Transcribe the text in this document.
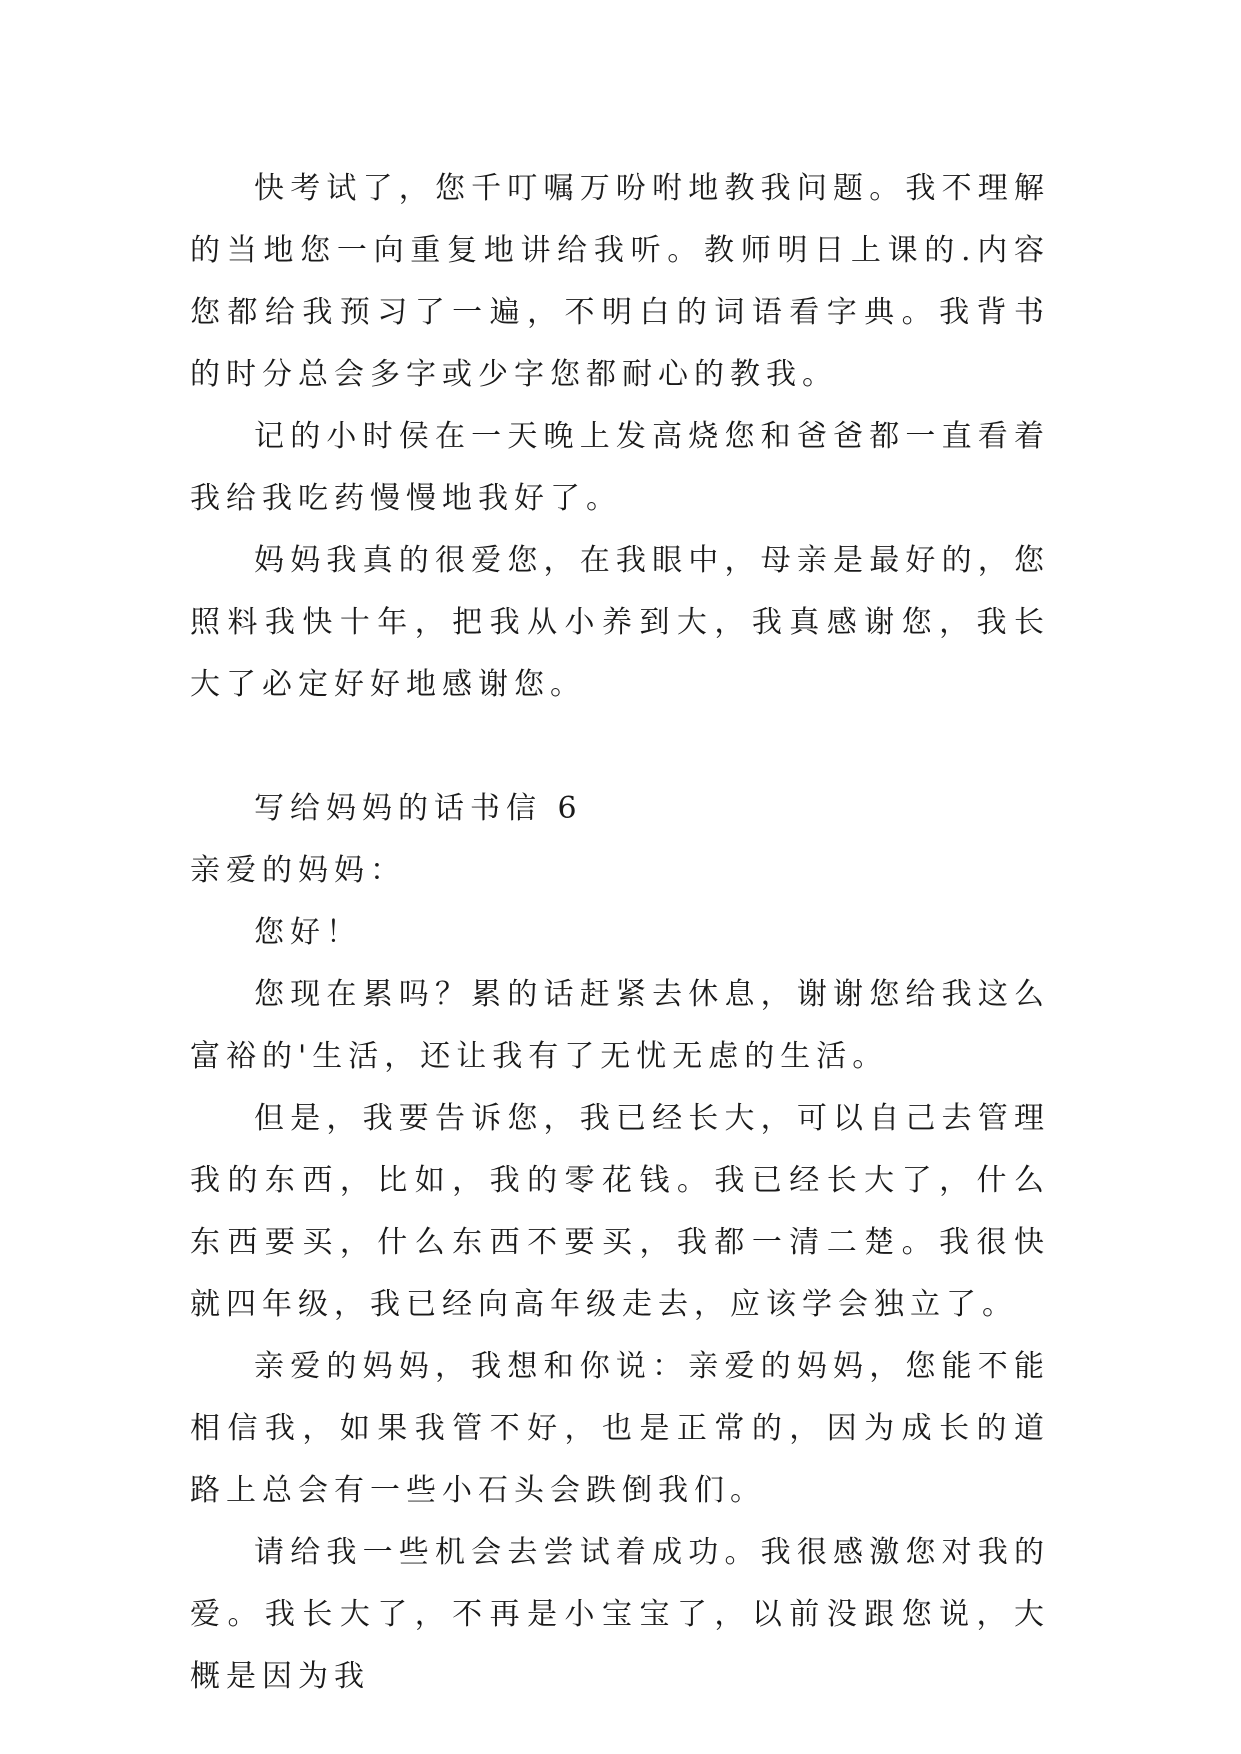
快考试了，您千叮嘱万吩咐地教我问题。我不理解的当地您一向重复地讲给我听。教师明日上课的.内容您都给我预习了一遍，不明白的词语看字典。我背书的时分总会多字或少字您都耐心的教我。

记的小时侯在一天晚上发高烧您和爸爸都一直看着我给我吃药慢慢地我好了。

妈妈我真的很爱您，在我眼中，母亲是最好的，您照料我快十年，把我从小养到大，我真感谢您，我长大了必定好好地感谢您。

写给妈妈的话书信 6

亲爱的妈妈：

您好！

您现在累吗？累的话赶紧去休息，谢谢您给我这么富裕的'生活，还让我有了无忧无虑的生活。

但是，我要告诉您，我已经长大，可以自己去管理我的东西，比如，我的零花钱。我已经长大了，什么东西要买，什么东西不要买，我都一清二楚。我很快就四年级，我已经向高年级走去，应该学会独立了。

亲爱的妈妈，我想和你说：亲爱的妈妈，您能不能相信我，如果我管不好，也是正常的，因为成长的道路上总会有一些小石头会跌倒我们。

请给我一些机会去尝试着成功。我很感激您对我的爱。我长大了，不再是小宝宝了，以前没跟您说，大概是因为我
